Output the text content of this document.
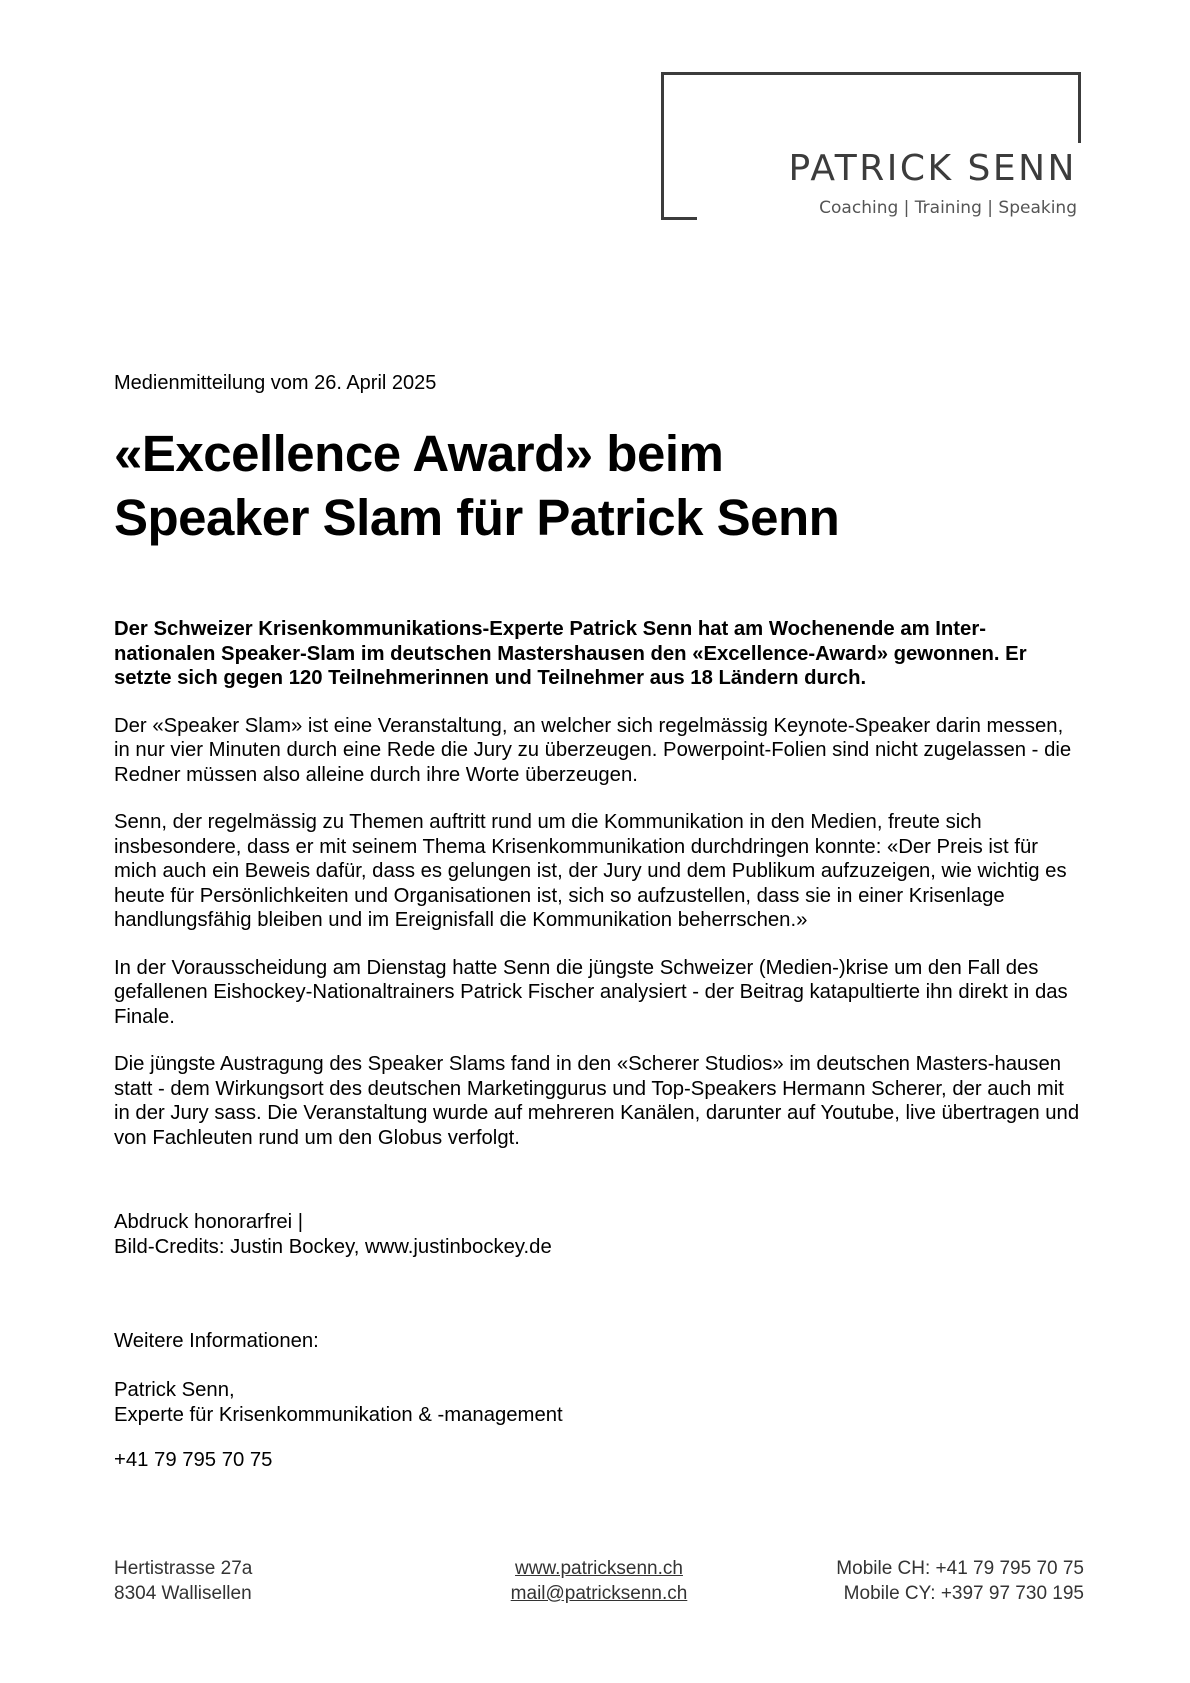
PATRICK SENN
Coaching | Training | Speaking
Medienmitteilung vom 26. April 2025
«Excellence Award» beim
Speaker Slam für Patrick Senn

Der Schweizer Krisenkommunikations-Experte Patrick Senn hat am Wochenende am Inter-nationalen Speaker-Slam im deutschen Mastershausen den «Excellence-Award» gewonnen. Er setzte sich gegen 120 Teilnehmerinnen und Teilnehmer aus 18 Ländern durch.

Der «Speaker Slam» ist eine Veranstaltung, an welcher sich regelmässig Keynote-Speaker darin messen, in nur vier Minuten durch eine Rede die Jury zu überzeugen. Powerpoint-Folien sind nicht zugelassen - die Redner müssen also alleine durch ihre Worte überzeugen.

Senn, der regelmässig zu Themen auftritt rund um die Kommunikation in den Medien, freute sich insbesondere, dass er mit seinem Thema Krisenkommunikation durchdringen konnte: «Der Preis ist für mich auch ein Beweis dafür, dass es gelungen ist, der Jury und dem Publikum aufzuzeigen, wie wichtig es heute für Persönlichkeiten und Organisationen ist, sich so aufzustellen, dass sie in einer Krisenlage handlungsfähig bleiben und im Ereignisfall die Kommunikation beherrschen.»

In der Vorausscheidung am Dienstag hatte Senn die jüngste Schweizer (Medien-)krise um den Fall des gefallenen Eishockey-Nationaltrainers Patrick Fischer analysiert - der Beitrag katapultierte ihn direkt in das Finale.

Die jüngste Austragung des Speaker Slams fand in den «Scherer Studios» im deutschen Masters-hausen statt - dem Wirkungsort des deutschen Marketinggurus und Top-Speakers Hermann Scherer, der auch mit in der Jury sass. Die Veranstaltung wurde auf mehreren Kanälen, darunter auf Youtube, live übertragen und von Fachleuten rund um den Globus verfolgt.

Abdruck honorarfrei |
Bild-Credits: Justin Bockey, www.justinbockey.de
Weitere Informationen:
Patrick Senn,
Experte für Krisenkommunikation & -management
+41 79 795 70 75
Hertistrasse 27a
8304 Wallisellen
www.patricksenn.ch
mail@patricksenn.ch
Mobile CH: +41 79 795 70 75
Mobile CY: +397 97 730 195
